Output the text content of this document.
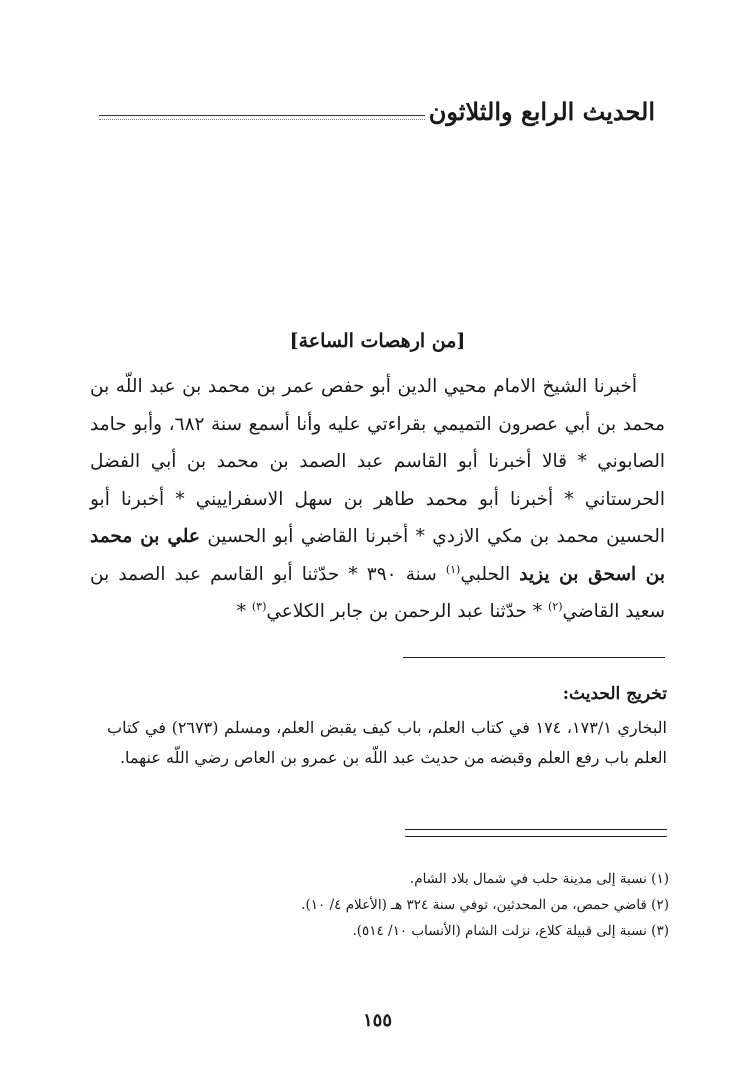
الحديث الرابع والثلاثون
[من ارهصات الساعة]

أخبرنا الشيخ الامام محيي الدين أبو حفص عمر بن محمد بن عبد اللّه بن محمد بن أبي عصرون التميمي بقراءتي عليه وأنا أسمع سنة ٦٨٢، وأبو حامد الصابوني * قالا أخبرنا أبو القاسم عبد الصمد بن محمد بن أبي الفضل الحرستاني * أخبرنا أبو محمد طاهر بن سهل الاسفراييني * أخبرنا أبو الحسين محمد بن مكي الازدي * أخبرنا القاضي أبو الحسين علي بن محمد بن اسحق بن يزيد الحلبي$^{(١)}$ سنة ٣٩٠ * حدّثنا أبو القاسم عبد الصمد بن سعيد القاضي$^{(٢)}$ * حدّثنا عبد الرحمن بن جابر الكلاعي$^{(٣)}$ *

تخريج الحديث:

البخاري ١٧٣/١، ١٧٤ في كتاب العلم، باب كيف يقبض العلم، ومسلم (٢٦٧٣) في كتاب العلم باب رفع العلم وقبضه من حديث عبد اللّه بن عمرو بن العاص رضي اللّه عنهما.

(١) نسبة إلى مدينة حلب في شمال بلاد الشام.
(٢) قاضي حمص، من المحدثين، توفي سنة ٣٢٤ هـ (الأعلام ٤/ ١٠).
(٣) نسبة إلى قبيلة كلاع، نزلت الشام (الأنساب ١٠/ ٥١٤).
١٥٥
